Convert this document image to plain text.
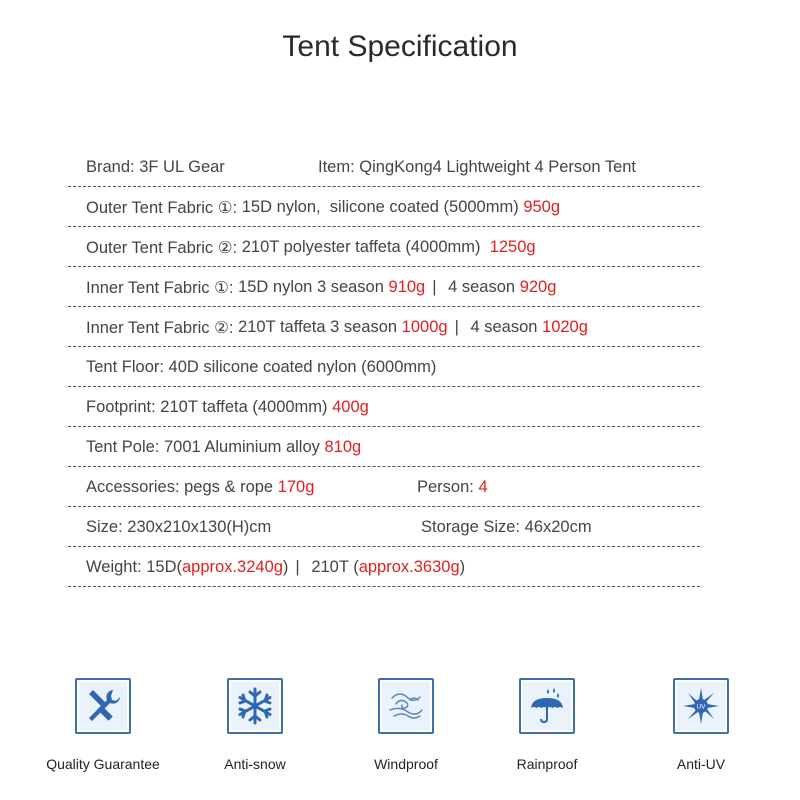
Tent Specification
Brand:
3F UL Gear	Item: QingKong4 Lightweight 4 Person Tent
Outer Tent Fabric ①:
15D nylon,  silicone coated (5000mm)
950g
Outer Tent Fabric ②:
210T polyester taffeta (4000mm)
1250g
Inner Tent Fabric ①:
15D nylon 3 season
910g |
4 season
920g
Inner Tent Fabric ②:
210T taffeta 3 season
1000g |
4 season
1020g
Tent Floor:
40D silicone coated nylon (6000mm)
Footprint:
210T taffeta (4000mm)
400g
Tent Pole:
7001 Aluminium alloy
810g
Accessories:
pegs & rope
170g	Person: 4
Size:
230x210x130(H)cm	Storage Size: 46x20cm
Weight:
15D( approx.3240g ) |
210T ( approx.3630g )
Quality Guarantee	Anti-snow	Windproof	Rainproof
UV
Anti-UV
